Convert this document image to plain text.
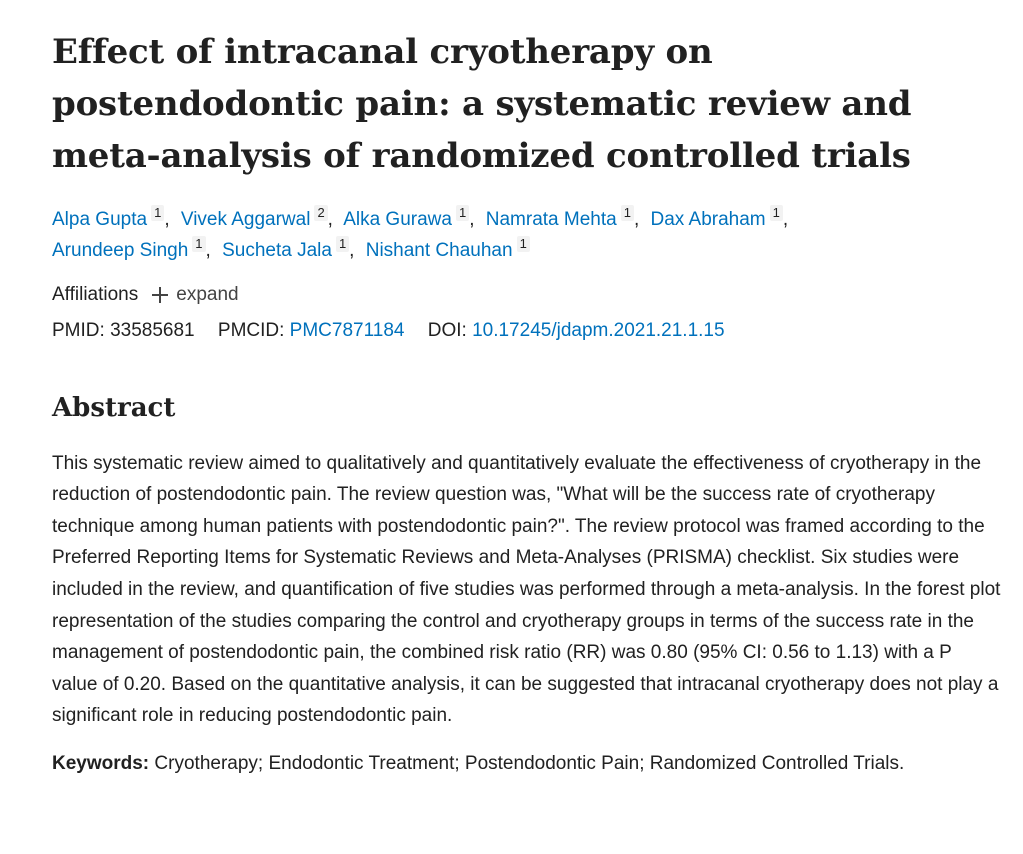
Effect of intracanal cryotherapy on postendodontic pain: a systematic review and meta-analysis of randomized controlled trials
Alpa Gupta 1 , Vivek Aggarwal 2 , Alka Gurawa 1 , Namrata Mehta 1 , Dax Abraham 1 ,
Arundeep Singh 1 , Sucheta Jala 1 , Nishant Chauhan 1
Affiliations expand
PMID: 33585681 PMCID: PMC7871184 DOI: 10.17245/jdapm.2021.21.1.15
Abstract
This systematic review aimed to qualitatively and quantitatively evaluate the effectiveness of cryotherapy in the reduction of postendodontic pain. The review question was, "What will be the success rate of cryotherapy technique among human patients with postendodontic pain?". The review protocol was framed according to the Preferred Reporting Items for Systematic Reviews and Meta-Analyses (PRISMA) checklist. Six studies were included in the review, and quantification of five studies was performed through a meta-analysis. In the forest plot representation of the studies comparing the control and cryotherapy groups in terms of the success rate in the management of postendodontic pain, the combined risk ratio (RR) was 0.80 (95% CI: 0.56 to 1.13) with a P value of 0.20. Based on the quantitative analysis, it can be suggested that intracanal cryotherapy does not play a significant role in reducing postendodontic pain.
Keywords: Cryotherapy; Endodontic Treatment; Postendodontic Pain; Randomized Controlled Trials.
